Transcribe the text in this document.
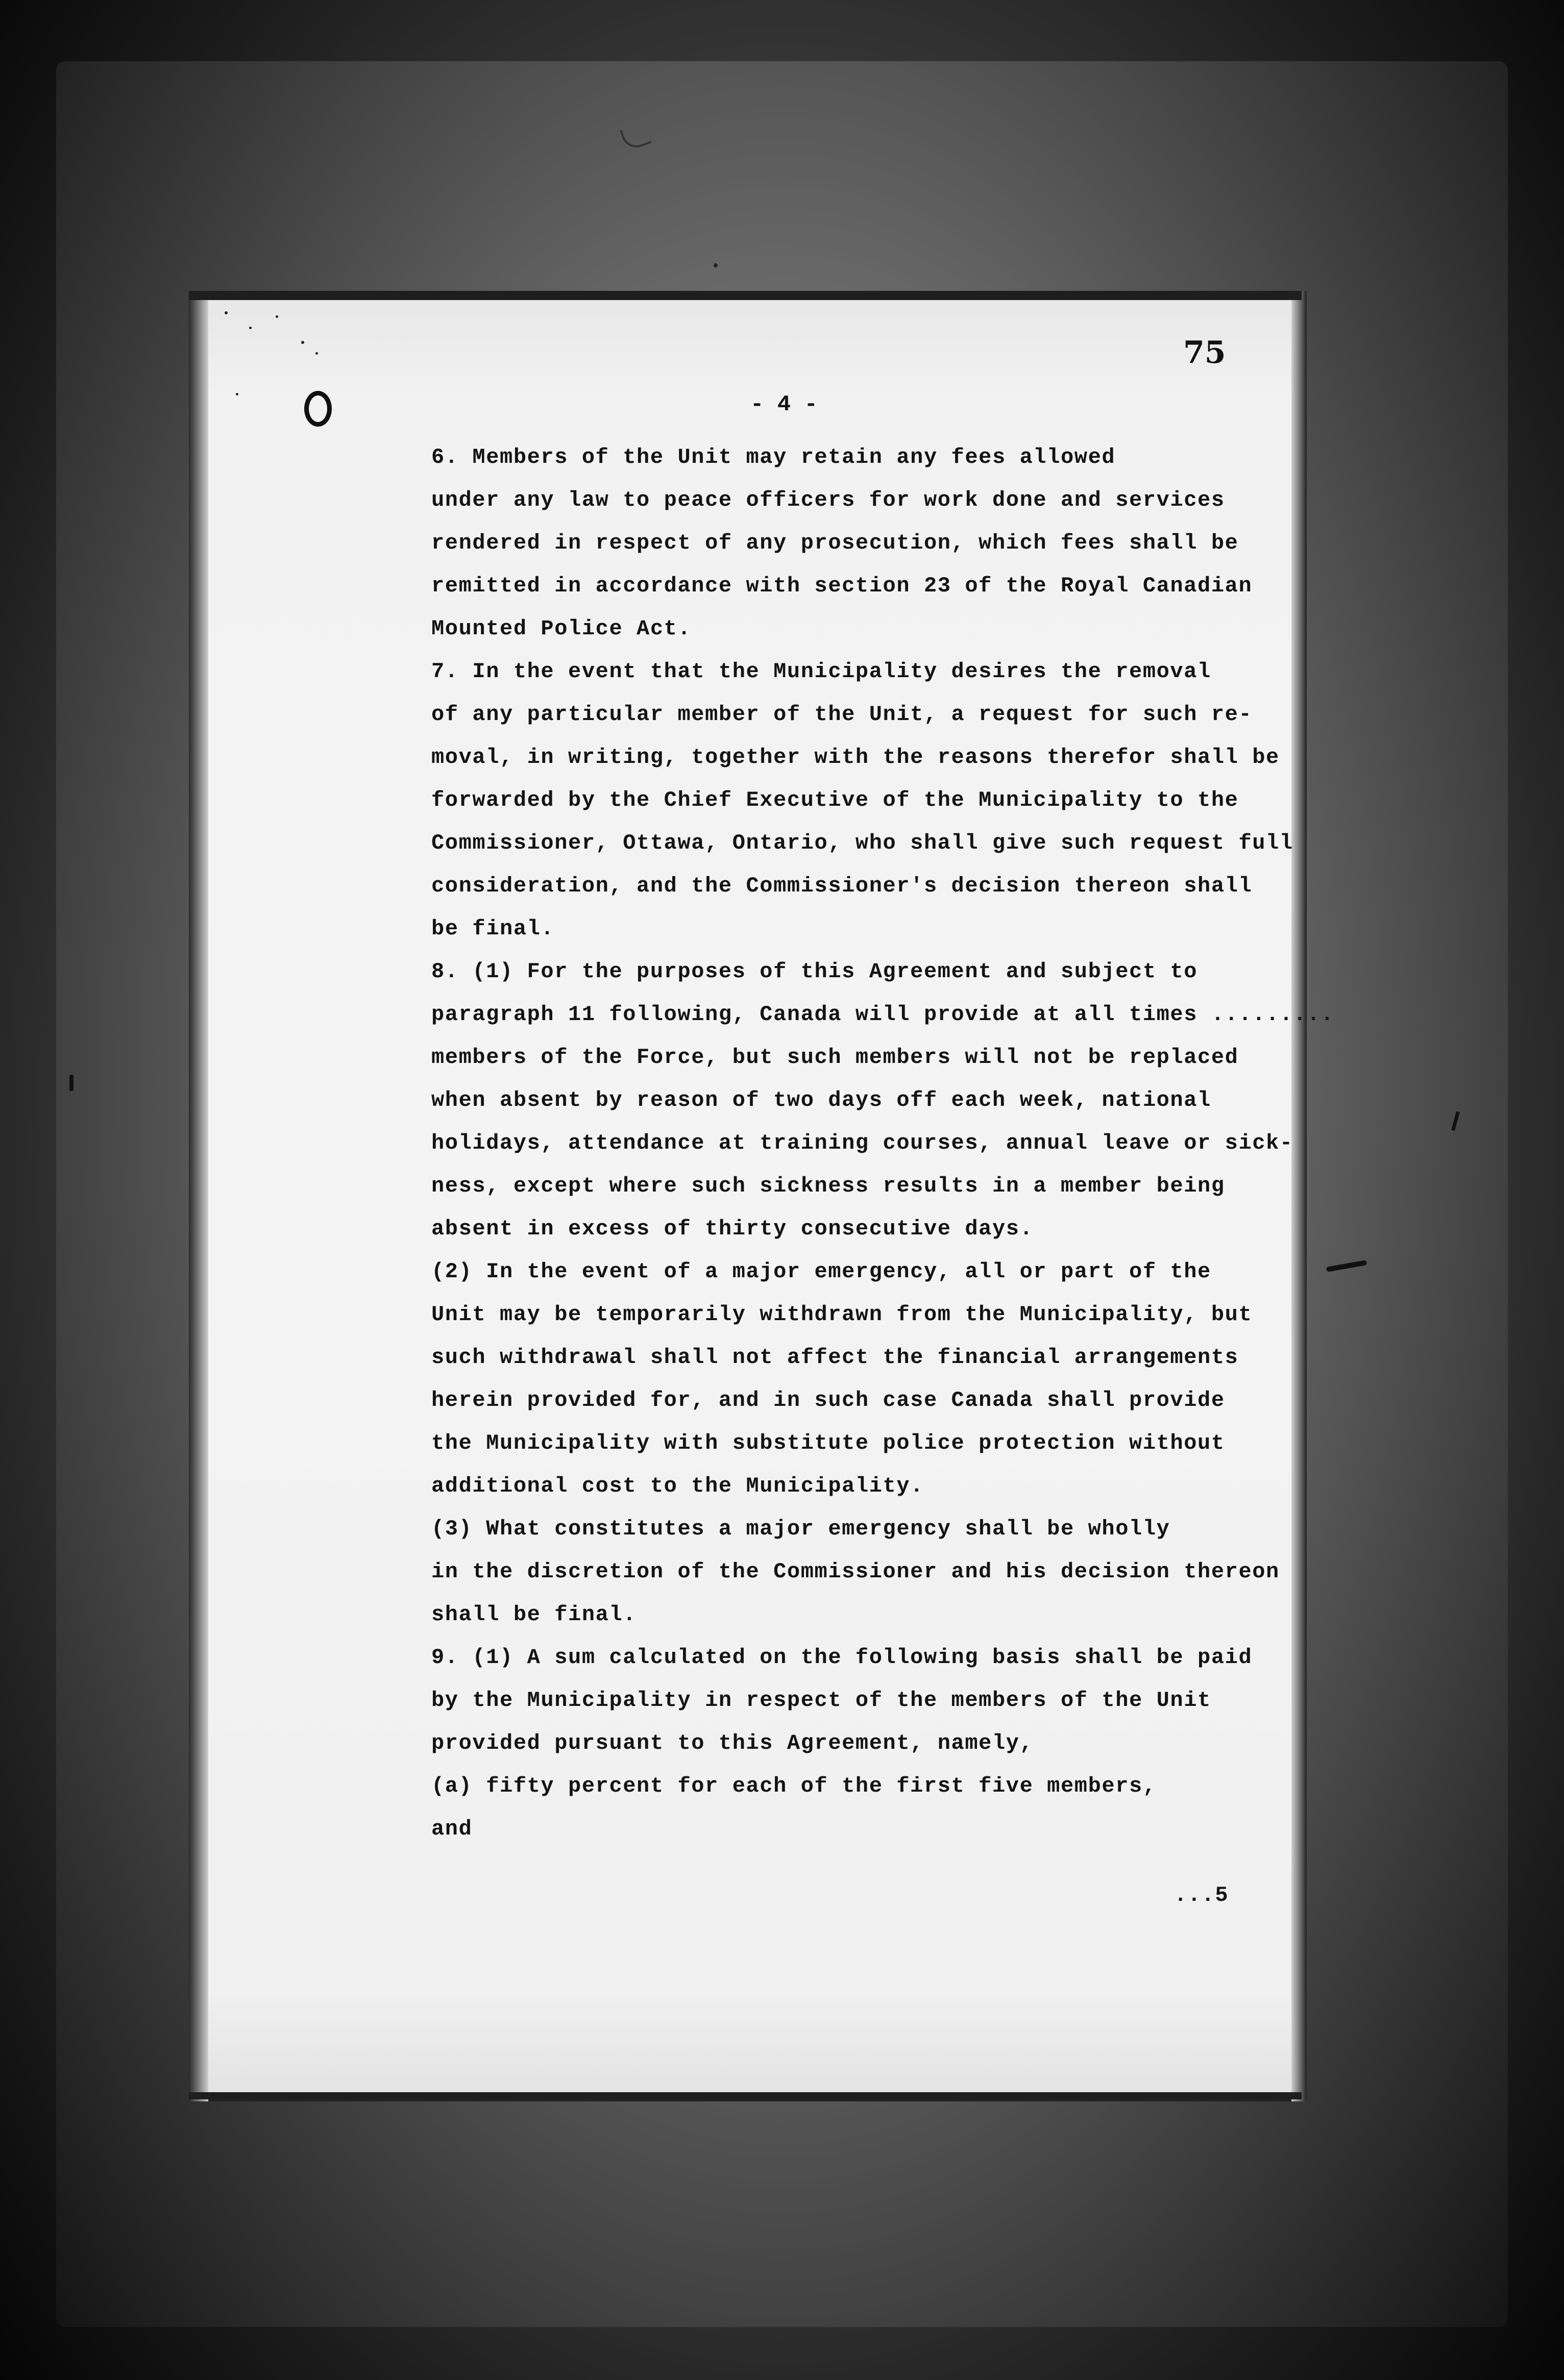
75
- 4 -
6. Members of the Unit may retain any fees allowed
under any law to peace officers for work done and services
rendered in respect of any prosecution, which fees shall be
remitted in accordance with section 23 of the Royal Canadian
Mounted Police Act.
7. In the event that the Municipality desires the removal
of any particular member of the Unit, a request for such re-
moval, in writing, together with the reasons therefor shall be
forwarded by the Chief Executive of the Municipality to the
Commissioner, Ottawa, Ontario, who shall give such request full
consideration, and the Commissioner's decision thereon shall
be final.
8. (1) For the purposes of this Agreement and subject to
paragraph 11 following, Canada will provide at all times .........
members of the Force, but such members will not be replaced
when absent by reason of two days off each week, national
holidays, attendance at training courses, annual leave or sick-
ness, except where such sickness results in a member being
absent in excess of thirty consecutive days.
(2) In the event of a major emergency, all or part of the
Unit may be temporarily withdrawn from the Municipality, but
such withdrawal shall not affect the financial arrangements
herein provided for, and in such case Canada shall provide
the Municipality with substitute police protection without
additional cost to the Municipality.
(3) What constitutes a major emergency shall be wholly
in the discretion of the Commissioner and his decision thereon
shall be final.
9. (1) A sum calculated on the following basis shall be paid
by the Municipality in respect of the members of the Unit
provided pursuant to this Agreement, namely,
(a) fifty percent for each of the first five members,
and
...5
